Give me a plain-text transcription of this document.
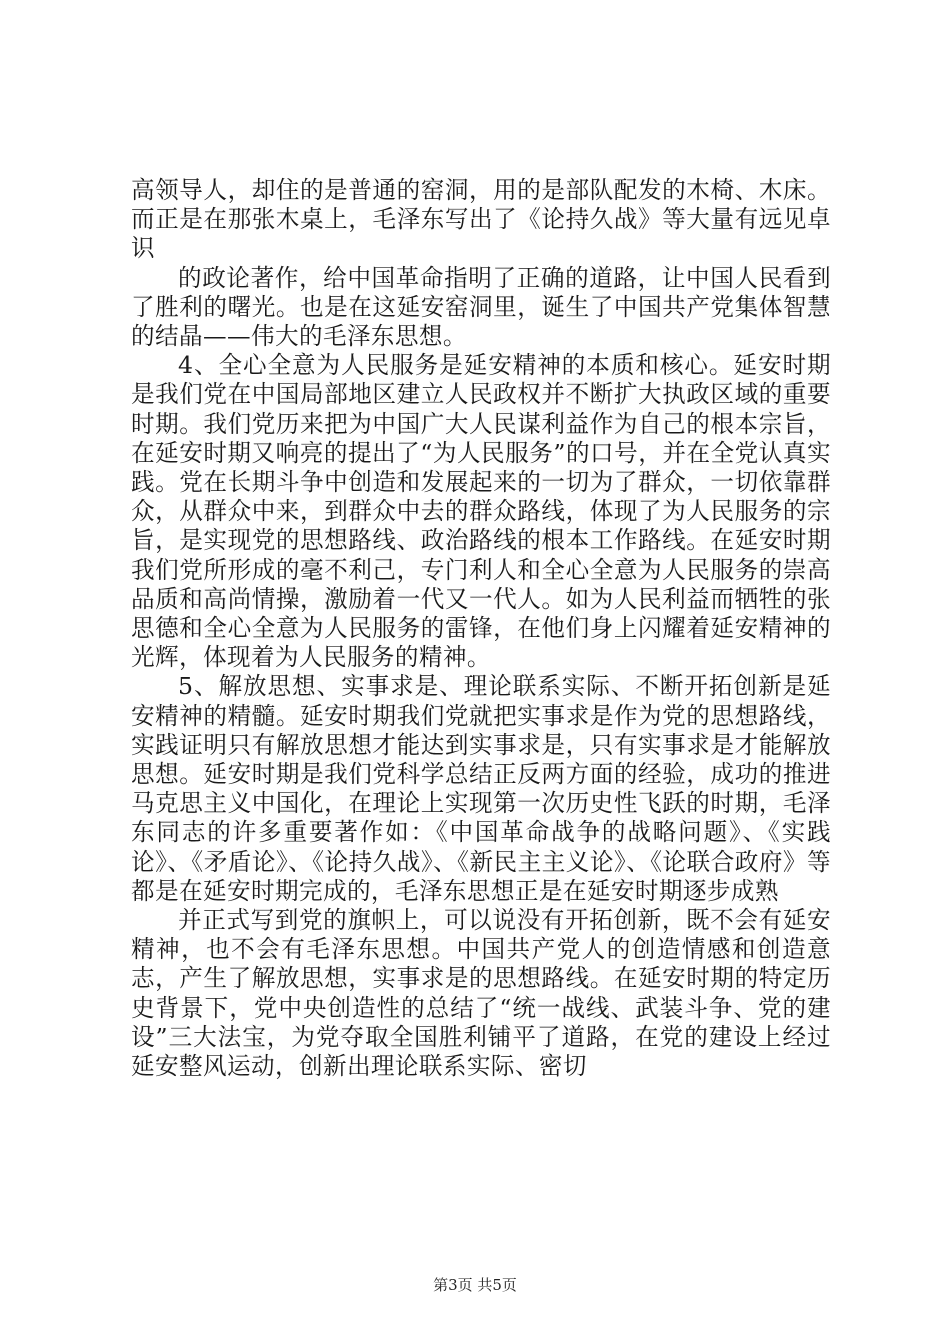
高领导人，却住的是普通的窑洞，用的是部队配发的木椅、木床。而正是在那张木桌上，毛泽东写出了《论持久战》等大量有远见卓识

的政论著作，给中国革命指明了正确的道路，让中国人民看到了胜利的曙光。也是在这延安窑洞里，诞生了中国共产党集体智慧的结晶——伟大的毛泽东思想。

4、全心全意为人民服务是延安精神的本质和核心。延安时期是我们党在中国局部地区建立人民政权并不断扩大执政区域的重要时期。我们党历来把为中国广大人民谋利益作为自己的根本宗旨，在延安时期又响亮的提出了“为人民服务”的口号，并在全党认真实践。党在长期斗争中创造和发展起来的一切为了群众，一切依靠群众，从群众中来，到群众中去的群众路线，体现了为人民服务的宗旨，是实现党的思想路线、政治路线的根本工作路线。在延安时期我们党所形成的毫不利己，专门利人和全心全意为人民服务的崇高品质和高尚情操，激励着一代又一代人。如为人民利益而牺牲的张思德和全心全意为人民服务的雷锋，在他们身上闪耀着延安精神的光辉，体现着为人民服务的精神。

5、解放思想、实事求是、理论联系实际、不断开拓创新是延安精神的精髓。延安时期我们党就把实事求是作为党的思想路线，实践证明只有解放思想才能达到实事求是，只有实事求是才能解放思想。延安时期是我们党科学总结正反两方面的经验，成功的推进马克思主义中国化，在理论上实现第一次历史性飞跃的时期，毛泽东同志的许多重要著作如：《中国革命战争的战略问题》、《实践论》、《矛盾论》、《论持久战》、《新民主主义论》、《论联合政府》等都是在延安时期完成的，毛泽东思想正是在延安时期逐步成熟

并正式写到党的旗帜上，可以说没有开拓创新，既不会有延安精神，也不会有毛泽东思想。中国共产党人的创造情感和创造意志，产生了解放思想，实事求是的思想路线。在延安时期的特定历史背景下，党中央创造性的总结了“统一战线、武装斗争、党的建设”三大法宝，为党夺取全国胜利铺平了道路，在党的建设上经过延安整风运动，创新出理论联系实际、密切

第3页 共5页
